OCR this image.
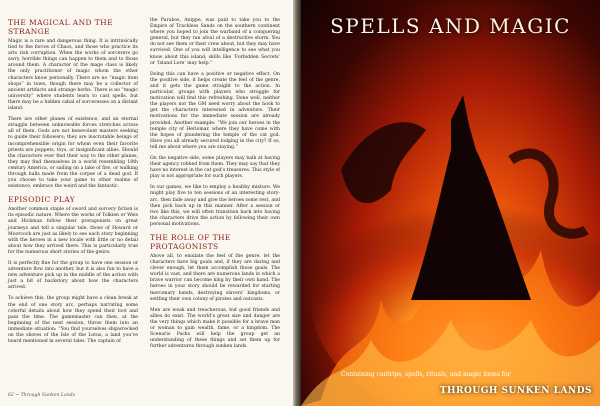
THE MAGICAL AND THE STRANGE

Magic is a rare and dangerous thing. It is intrinsically tied to the forces of Chaos, and those who practice its arts risk corruption. When the works of sorcerers go awry, horrible things can happen to them and to those around them. A character of the mage class is likely the only practitioner of magic whom the other characters know personally. There are no “magic item shops” in town, though there may be a collector of ancient artifacts and strange herbs. There is no “magic university” where students learn to cast spells, but there may be a hidden cabal of sorceresses on a distant island.

There are other planes of existence, and an eternal struggle between unknowable forces stretches across all of them. Gods are not benevolent masters seeking to guide their followers; they are inscrutable beings of incomprehensible origin for whom even their favorite priests are puppets, toys, or insignificant allies. Should the characters ever find their way to the other planes, they may find themselves in a world resembling 18th century America, or sailing on a lake of fire, or walking through halls made from the corpse of a dead god. If you choose to take your game to other realms of existence, embrace the weird and the fantastic.

EPISODIC PLAY

Another common staple of sword and sorcery fiction is its episodic nature. Where the works of Tolkien or Weis and Hickman follow their protagonists on great journeys and tell a singular tale, those of Howard or Moorcock are just as likely to see each story beginning with the heroes in a new locale with little or no detail about how they arrived there. This is particularly true for the numerous short stories of the genre.

It is perfectly fine for the group to have one session or adventure flow into another, but it is also fun to have a new adventure pick up in the middle of the action with just a bit of backstory about how the characters arrived.

To achieve this, the group might have a clean break at the end of one story arc, perhaps narrating some colorful details about how they spend their loot and pass the time. The gamemaster can then, at the beginning of the next session, throw them into an immediate situation: “You find yourselves shipwrecked on the shores of the Isle of the Lotus, a land you’ve heard mentioned in several tales. The captain of

the Parabos, Anippe, was paid to take you to the Empire of Trackless Sands on the southern continent where you hoped to join the warband of a conquering general, but they ran afoul of a destructive storm. You do not see them or their crew about, but they may have survived. One of you will intelligence to see what you know about this island; skills like ‘Forbidden Secrets’ or ‘Island Lore’ may help.”

Doing this can have a positive or negative effect. On the positive side, it helps create the feel of the genre, and it gets the game straight to the action. In particular, groups with players who struggle for motivation will find this refreshing. Done well, neither the players nor the GM need worry about the hook to get the characters interested in adventure. Their motivations for the immediate session are already provided. Another example: “We join our heroes in the temple city of Heriomar, where they have come with the hopes of plundering the temple of the cat god. Have you all already secured lodging in the city? If so, tell me about where you are staying.”

On the negative side, some players may balk at having their agency robbed from them. They may say that they have no interest in the cat god’s treasures. This style of play is not appropriate for such players.

In our games, we like to employ a healthy mixture. We might play five to ten sessions of an interesting story-arc, then fade away and give the heroes some rest, and then pick back up in this manner. After a session or two like this, we will often transition back into having the characters drive the action by following their own personal motivations.

THE ROLE OF THE PROTAGONISTS

Above all, to emulate the feel of the genre, let the characters have big goals and, if they are daring and clever enough, let them accomplish those goals. The world is vast, and there are numerous lands in which a brave warrior can become king by their own hand. The heroes in your story should be rewarded for starting mercenary bands, destroying slavers’ kingdoms, or settling their own colony of pirates and outcasts.

Men are weak and treacherous, but good friends and allies do exist. The world’s great size and danger are the very things which make it possible for a brave man or woman to gain wealth, fame, or a kingdom. The Scenario Packs will help the group get an understanding of these things and set them up for further adventures through sunken lands.

62 ~ Through Sunken Lands
SPELLS AND MAGIC
Containing cantrips, spells, rituals, and magic items for
THROUGH SUNKEN LANDS
